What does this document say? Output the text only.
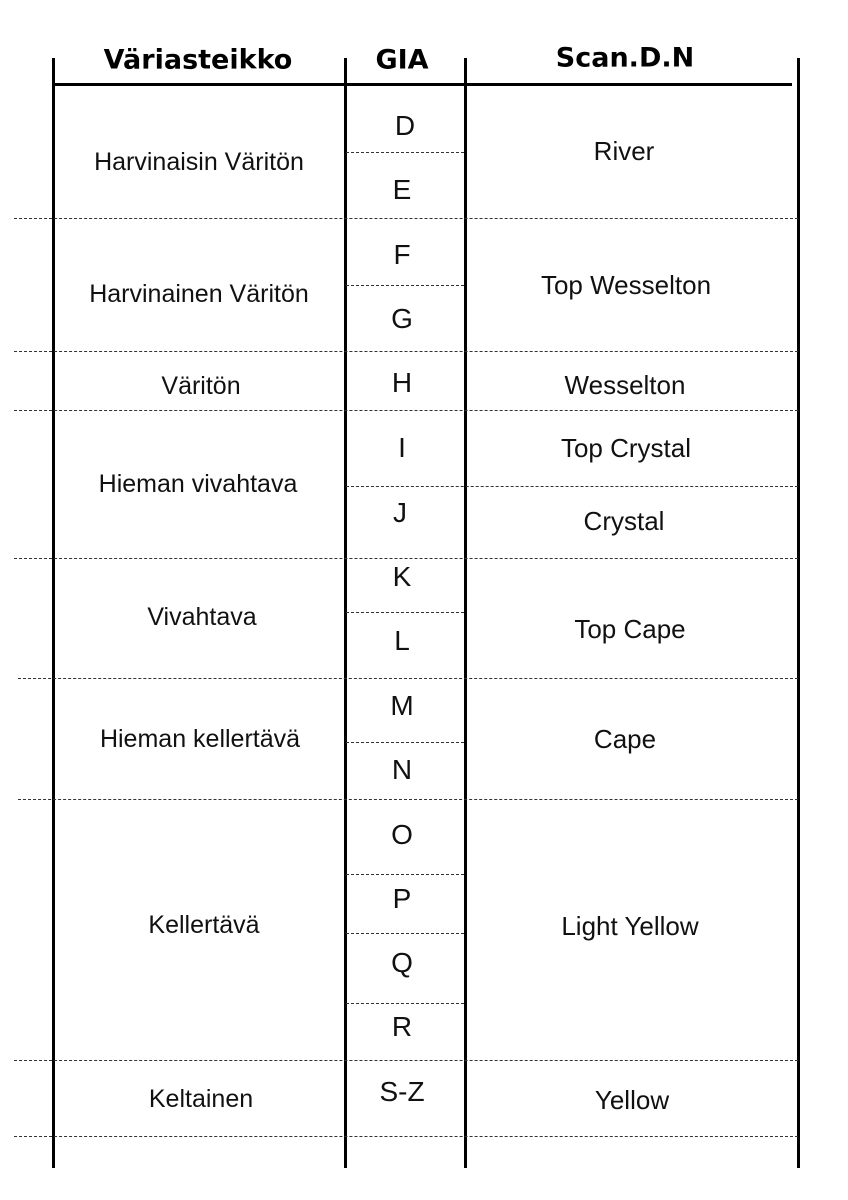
Väriasteikko	GIA	Scan.D.N
Harvinaisin Väritön
Harvinainen Väritön
Väritön
Hieman vivahtava
Vivahtava
Hieman kellertävä
Kellertävä
Keltainen
D
E
F
G
H
I
J
K
L
M
N
O
P
Q
R
S-Z
River
Top Wesselton
Wesselton
Top Crystal
Crystal
Top Cape
Cape
Light Yellow
Yellow
